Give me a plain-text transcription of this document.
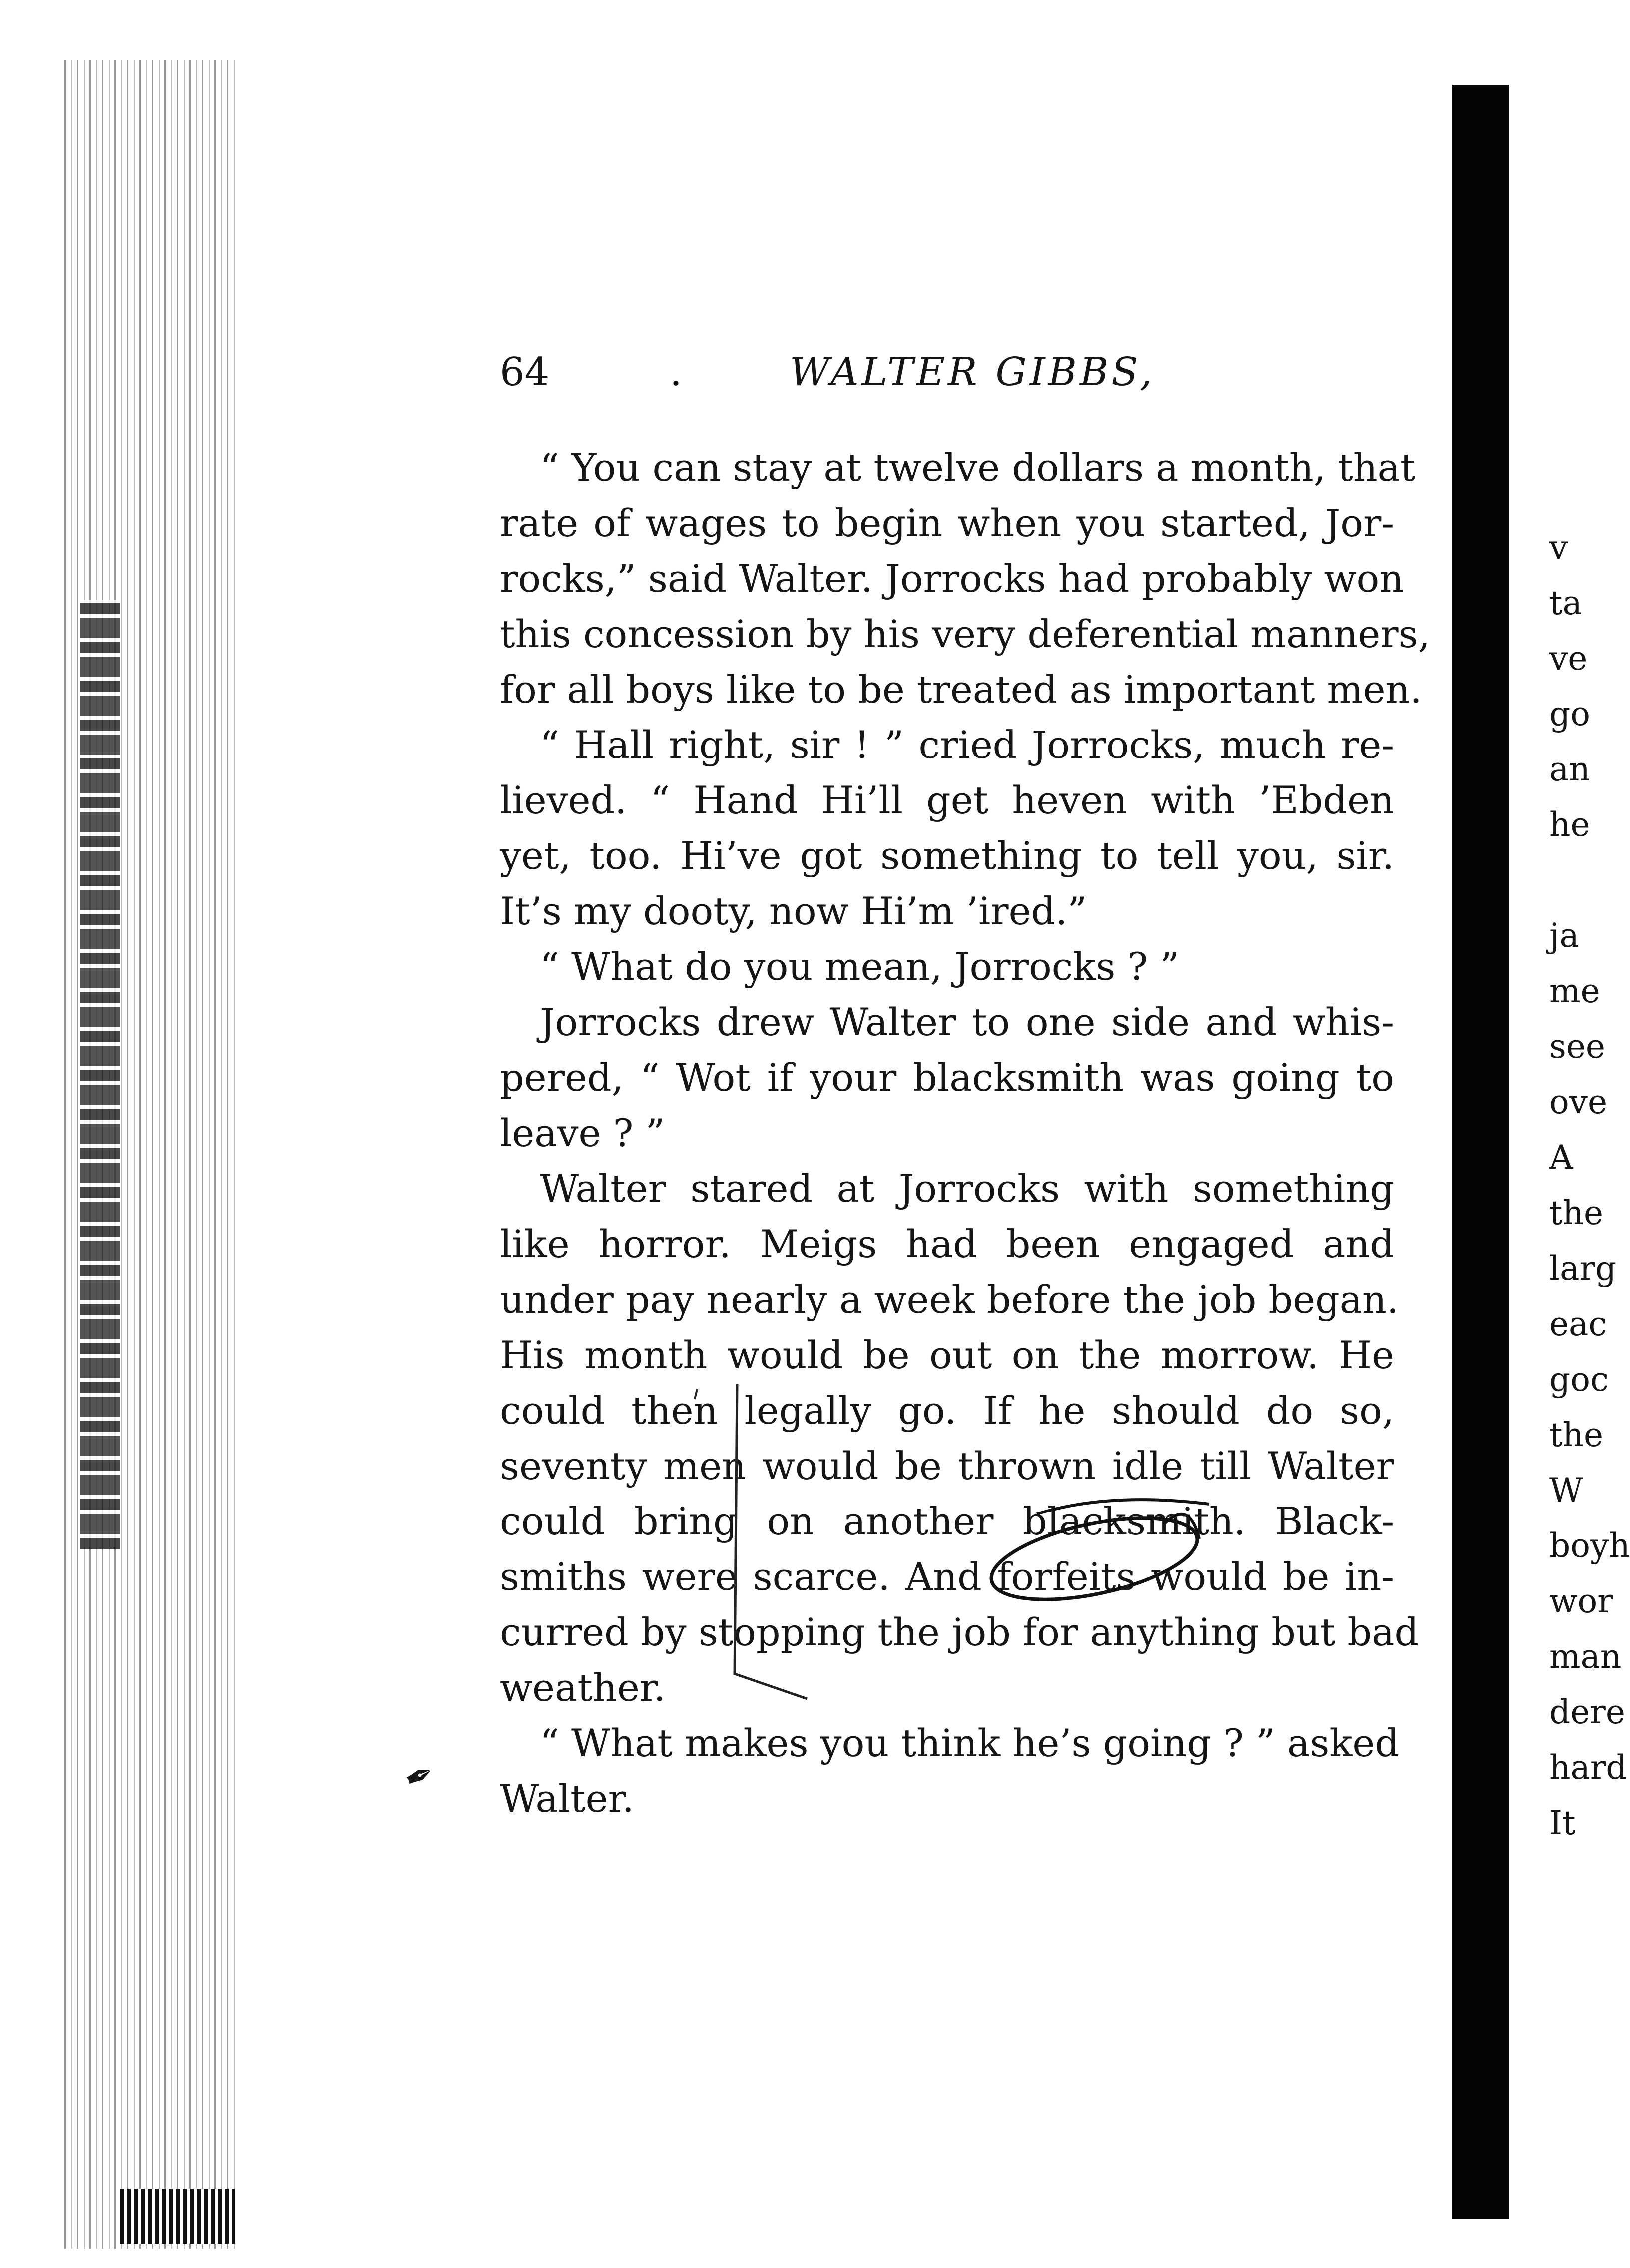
64	.	WALTER GIBBS,
“ You can stay at twelve dollars a month, that
rate of wages to begin when you started, Jor-
rocks,” said Walter. Jorrocks had probably won
this concession by his very deferential manners,
for all boys like to be treated as important men.
“ Hall right, sir ! ” cried Jorrocks, much re-
lieved. “ Hand Hi’ll get heven with ’Ebden
yet, too. Hi’ve got something to tell you, sir.
It’s my dooty, now Hi’m ’ired.”
“ What do you mean, Jorrocks ? ”
Jorrocks drew Walter to one side and whis-
pered, “ Wot if your blacksmith was going to
leave ? ”
Walter stared at Jorrocks with something
like horror. Meigs had been engaged and
under pay nearly a week before the job began.
His month would be out on the morrow. He
could then legally go. If he should do so,
seventy men would be thrown idle till Walter
could bring on another blacksmith. Black-
smiths were scarce. And forfeits would be in-
curred by stopping the job for anything but bad
weather.
“ What makes you think he’s going ? ” asked
Walter.
v
ta
ve
go
an
he
ja
me
see
ove
A
the
larg
eac
goc
the
W
boyh
wor
man
dere
hard
It
✒
